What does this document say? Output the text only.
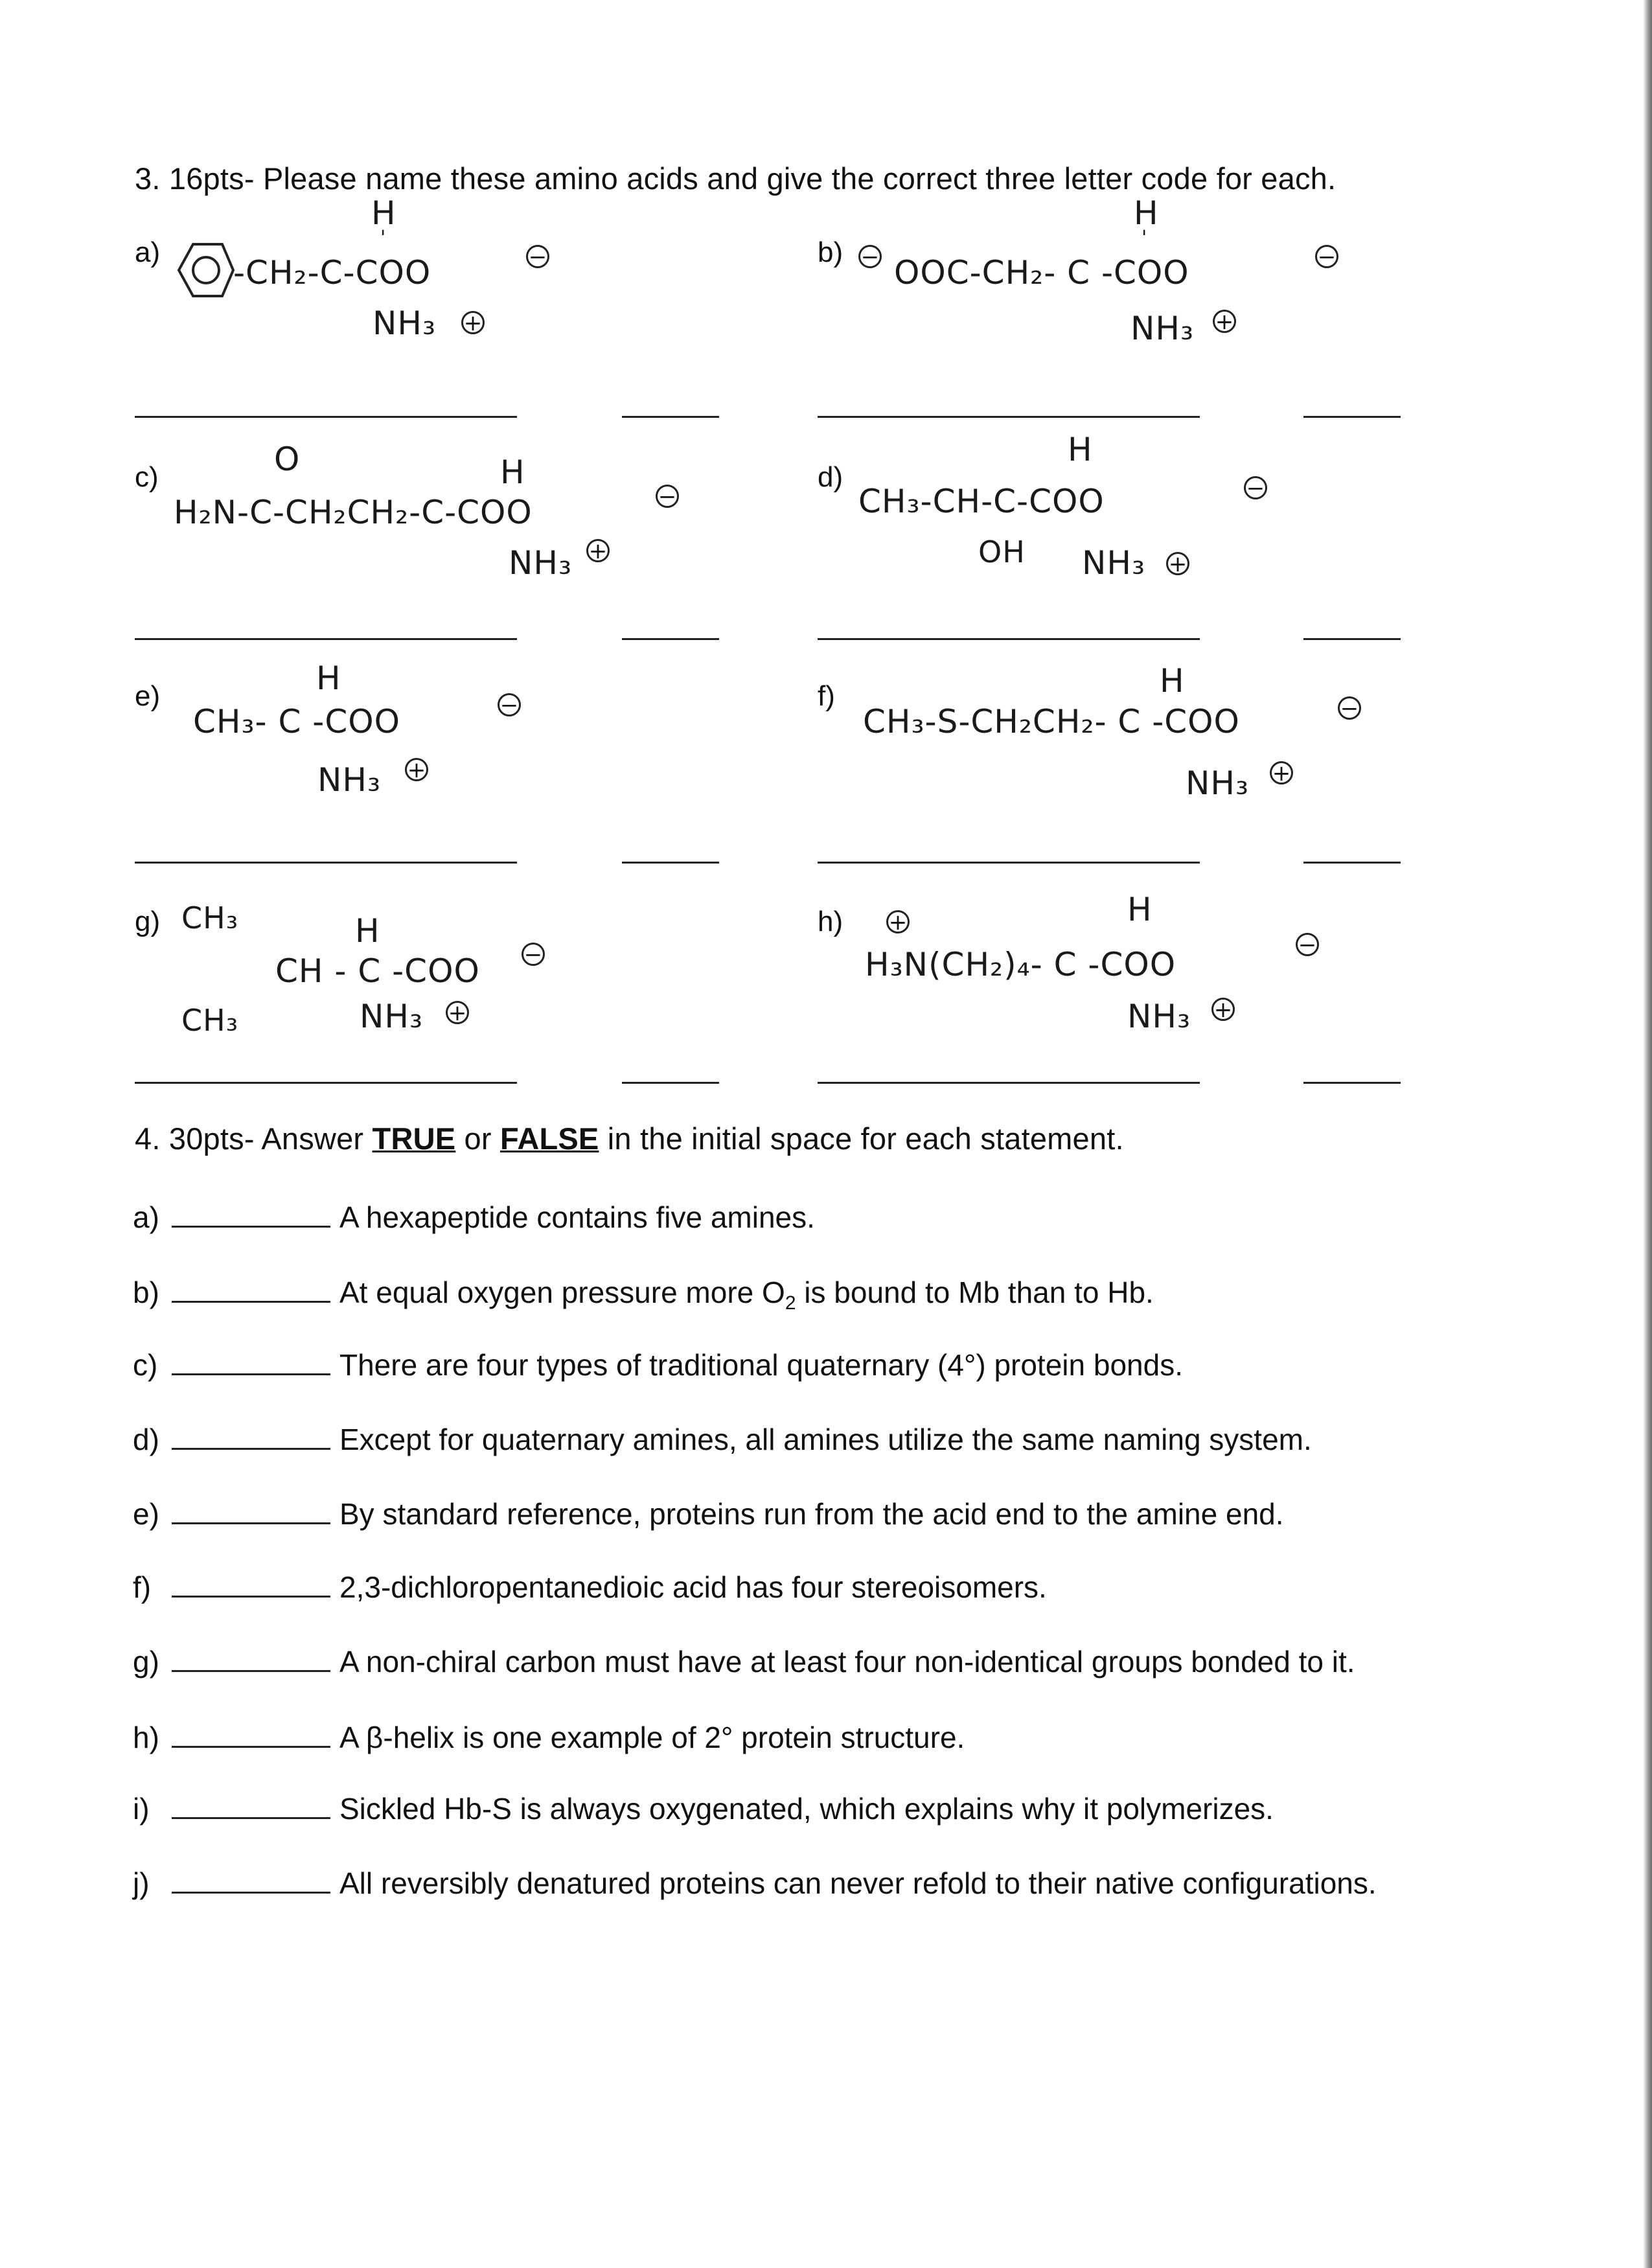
3. 16pts- Please name these amino acids and give the correct three letter code for each.
a)
H
'
-CH₂-C-COO	−
NH₃ +
b) −
H
'
OOC-CH₂- C -COO	−
NH₃ +
c)	O	H
H₂N-C-CH₂CH₂-C-COO	−
NH₃ +
d)
H
CH₃-CH-C-COO	−
OH NH₃ +
e)	H
CH₃- C -COO	−
NH₃ +
f)	H
CH₃-S-CH₂CH₂- C -COO	−
NH₃ +
g) CH₃	H
CH - C -COO −
CH₃	NH₃ +
h) +	H
H₃N(CH₂)₄- C -COO
−
NH₃ +
4. 30pts- Answer TRUE or FALSE in the initial space for each statement.
a)	A hexapeptide contains five amines.
b)	At equal oxygen pressure more $O_2$ is bound to Mb than to Hb.
c)	There are four types of traditional quaternary (4°) protein bonds.
d)	Except for quaternary amines, all amines utilize the same naming system.
e)	By standard reference, proteins run from the acid end to the amine end.
f)	2,3-dichloropentanedioic acid has four stereoisomers.
g)	A non-chiral carbon must have at least four non-identical groups bonded to it.
h)	A β-helix is one example of 2° protein structure.
i)	Sickled Hb-S is always oxygenated, which explains why it polymerizes.
j)	All reversibly denatured proteins can never refold to their native configurations.
